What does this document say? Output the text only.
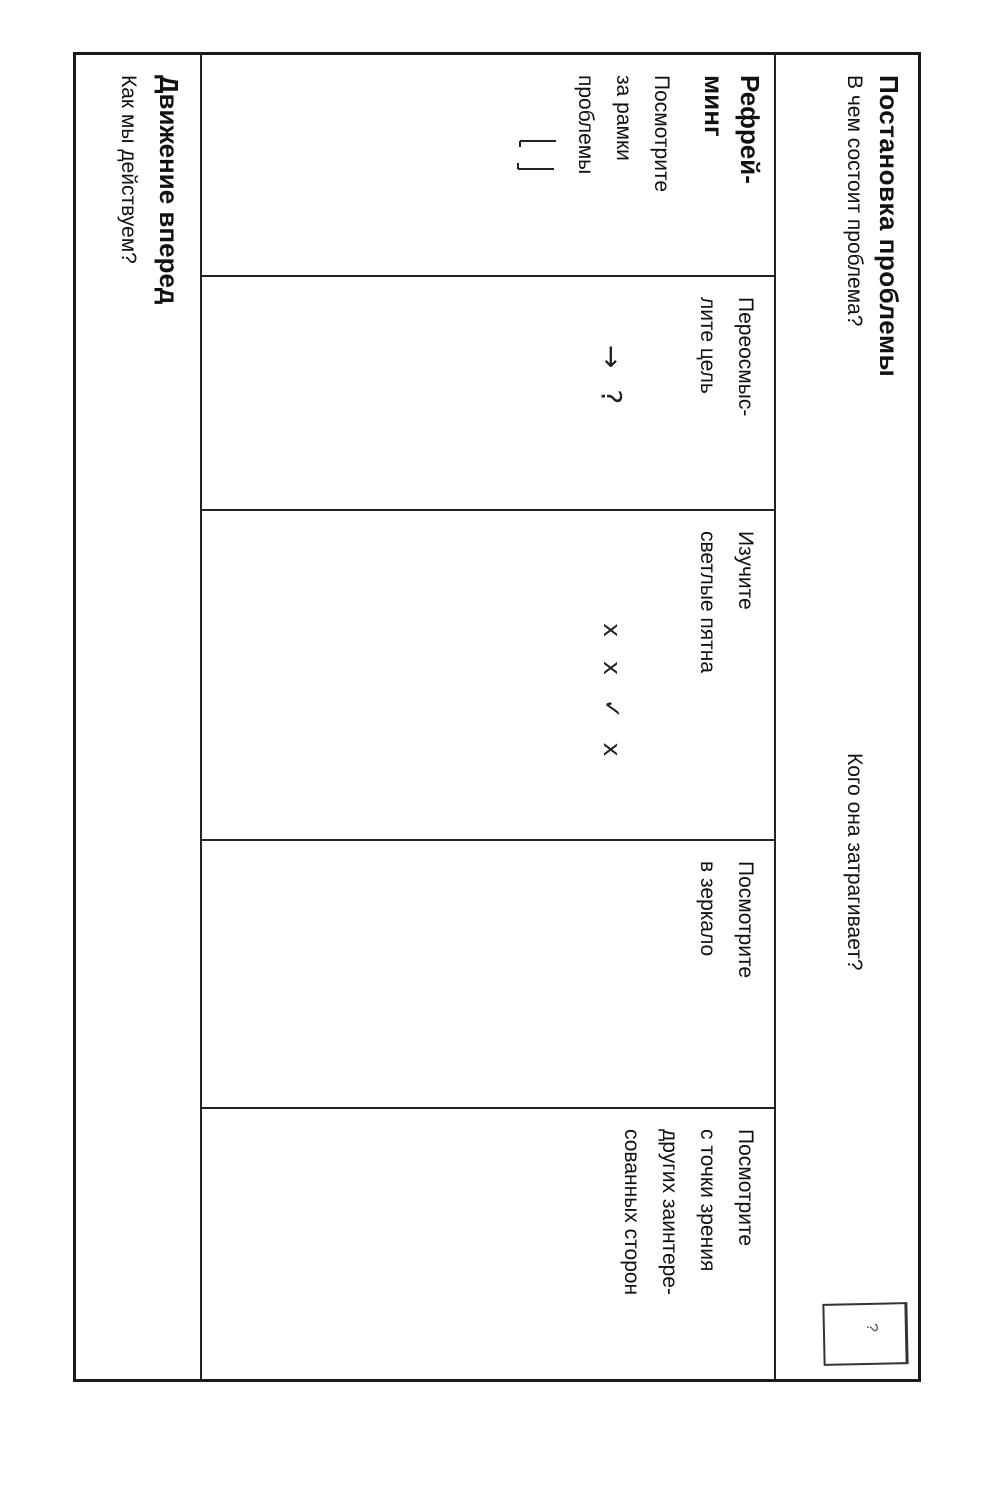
Постановка проблемы
В чем состоит проблема?
Кого она затрагивает?
?
Рефрей-
минг
Посмотрите
за рамки
проблемы
Переосмыс-
лите цель
→ ?
Изучите
светлые пятна
x x ✓ x
Посмотрите
в зеркало
Посмотрите
с точки зрения
других заинтере-
сованных сторон
Движение вперед
Как мы действуем?
